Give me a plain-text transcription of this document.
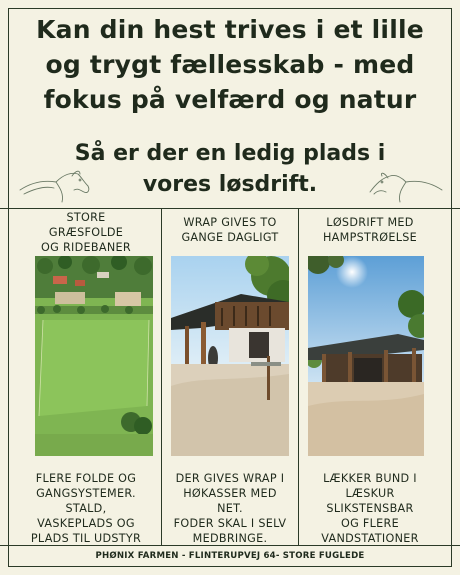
Kan din hest trives i et lille
og trygt fællesskab - med
fokus på velfærd og natur
Så er der en ledig plads i
vores løsdrift.
STORE
GRÆSFOLDE
OG RIDEBANER
FLERE FOLDE OG
GANGSYSTEMER.
STALD,
VASKEPLADS OG
PLADS TIL UDSTYR
WRAP GIVES TO
GANGE DAGLIGT
DER GIVES WRAP I
HØKASSER MED
NET.
FODER SKAL I SELV
MEDBRINGE.
LØSDRIFT MED
HAMPSTRØELSE
LÆKKER BUND I
LÆSKUR
SLIKSTENSBAR
OG FLERE
VANDSTATIONER
PHØNIX FARMEN - FLINTERUPVEJ 64- STORE FUGLEDE
